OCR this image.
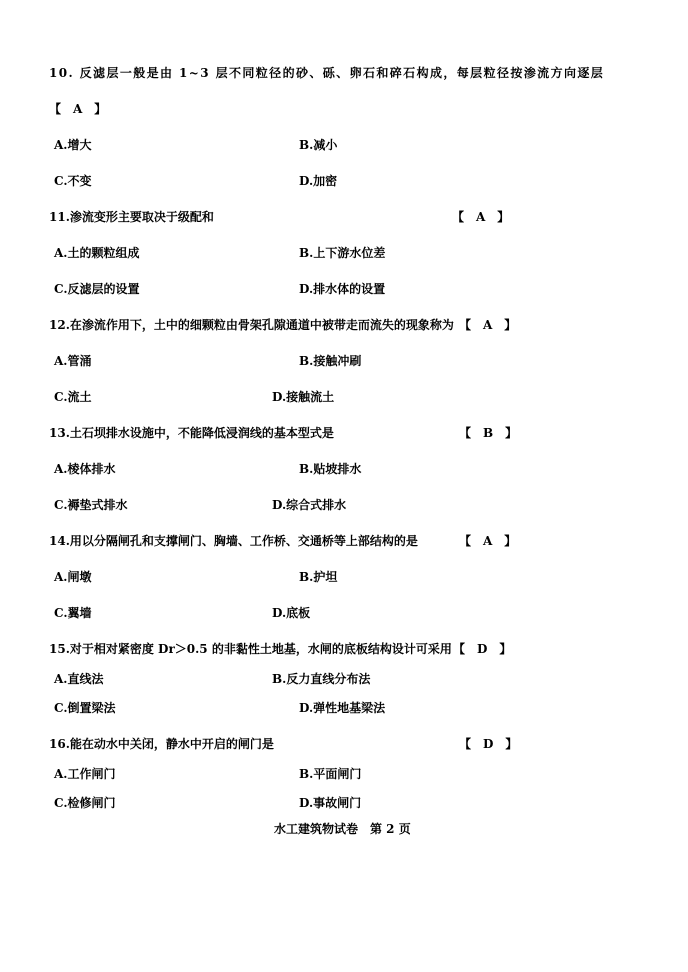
10. 反滤层一般是由 1~3 层不同粒径的砂、砾、卵石和碎石构成，每层粒径按渗流方向逐层
【　A　】
A.增大	B.减小
C.不变	D.加密
11.渗流变形主要取决于级配和	【　A　】
A.土的颗粒组成	B.上下游水位差
C.反滤层的设置	D.排水体的设置
12.在渗流作用下，土中的细颗粒由骨架孔隙通道中被带走而流失的现象称为 【　A　】
A.管涌	B.接触冲刷
C.流土	D.接触流土
13.土石坝排水设施中，不能降低浸润线的基本型式是	【　B　】
A.棱体排水	B.贴坡排水
C.褥垫式排水	D.综合式排水
14.用以分隔闸孔和支撑闸门、胸墙、工作桥、交通桥等上部结构的是	【　A　】
A.闸墩	B.护坦
C.翼墙	D.底板
15.对于相对紧密度 Dr＞0.5 的非黏性土地基，水闸的底板结构设计可采用 【　D　】
A.直线法	B.反力直线分布法
C.倒置梁法	D.弹性地基梁法
16.能在动水中关闭，静水中开启的闸门是	【　D　】
A.工作闸门	B.平面闸门
C.检修闸门	D.事故闸门
水工建筑物试卷　第 2 页
